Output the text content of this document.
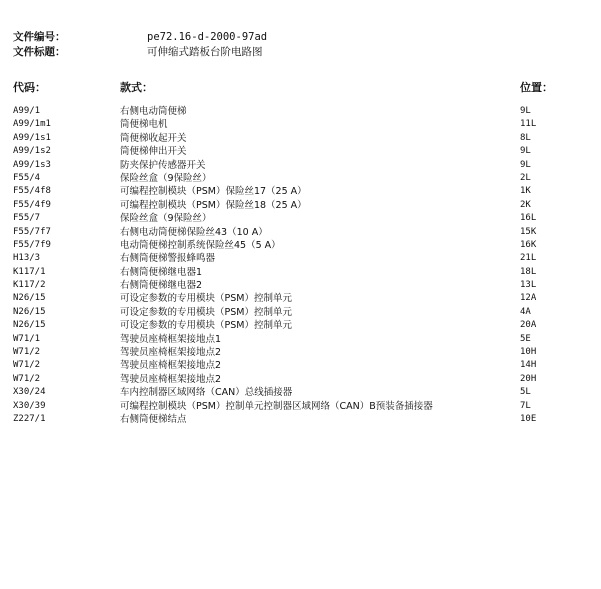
文件编号：	pe72.16-d-2000-97ad
文件标题：	可伸缩式踏板台阶电路图
代码：	款式：	位置：
A99/1	右侧电动筒便梯	9L
A99/1m1	筒便梯电机	11L
A99/1s1	筒便梯收起开关	8L
A99/1s2	筒便梯伸出开关	9L
A99/1s3	防夹保护传感器开关	9L
F55/4	保险丝盒（9保险丝）	2L
F55/4f8	可编程控制模块（PSM）保险丝17（25 A）	1K
F55/4f9	可编程控制模块（PSM）保险丝18（25 A）	2K
F55/7	保险丝盒（9保险丝）	16L
F55/7f7	右侧电动筒便梯保险丝43（10 A）	15K
F55/7f9	电动筒便梯控制系统保险丝45（5 A）	16K
H13/3	右侧筒便梯警报蜂鸣器	21L
K117/1	右侧筒便梯继电器1	18L
K117/2	右侧筒便梯继电器2	13L
N26/15	可设定参数的专用模块（PSM）控制单元	12A
N26/15	可设定参数的专用模块（PSM）控制单元	4A
N26/15	可设定参数的专用模块（PSM）控制单元	20A
W71/1	驾驶员座椅框架接地点1	5E
W71/2	驾驶员座椅框架接地点2	10H
W71/2	驾驶员座椅框架接地点2	14H
W71/2	驾驶员座椅框架接地点2	20H
X30/24	车内控制器区域网络（CAN）总线插接器	5L
X30/39	可编程控制模块（PSM）控制单元控制器区域网络（CAN）B预装备插接器	7L
Z227/1	右侧筒便梯结点	10E
